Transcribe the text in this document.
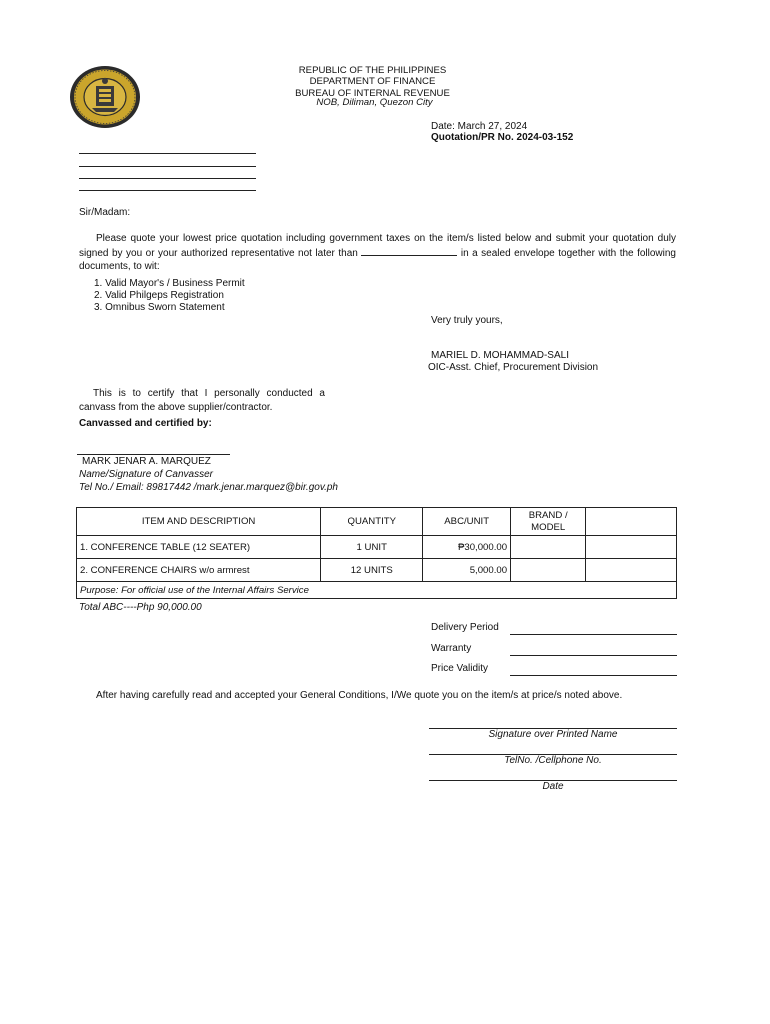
REPUBLIC OF THE PHILIPPINES
DEPARTMENT OF FINANCE
BUREAU OF INTERNAL REVENUE
NOB, Diliman, Quezon City
Date: March 27, 2024
Quotation/PR No. 2024-03-152
Sir/Madam:
Please quote your lowest price quotation including government taxes on the item/s listed below and submit your quotation duly signed by you or your authorized representative not later than	in a sealed envelope together with the following documents, to wit:
1. Valid Mayor's / Business Permit
2. Valid Philgeps Registration
3. Omnibus Sworn Statement
Very truly yours,
MARIEL D. MOHAMMAD-SALI
OIC-Asst. Chief, Procurement Division
This is to certify that I personally conducted a canvass from the above supplier/contractor.
Canvassed and certified by:
MARK JENAR A. MARQUEZ
Name/Signature of Canvasser
Tel No./ Email: 89817442 /mark.jenar.marquez@bir.gov.ph
ITEM AND DESCRIPTION	QUANTITY	ABC/UNIT	BRAND / MODEL	
1. CONFERENCE TABLE (12 SEATER)	1 UNIT	₱30,000.00		
2. CONFERENCE CHAIRS w/o armrest	12 UNITS	5,000.00		
Purpose: For official use of the Internal Affairs Service				
Total ABC----Php 90,000.00
Delivery Period
Warranty
Price Validity
After having carefully read and accepted your General Conditions, I/We quote you on the item/s at price/s noted above.
Signature over Printed Name
TelNo. /Cellphone No.
Date
